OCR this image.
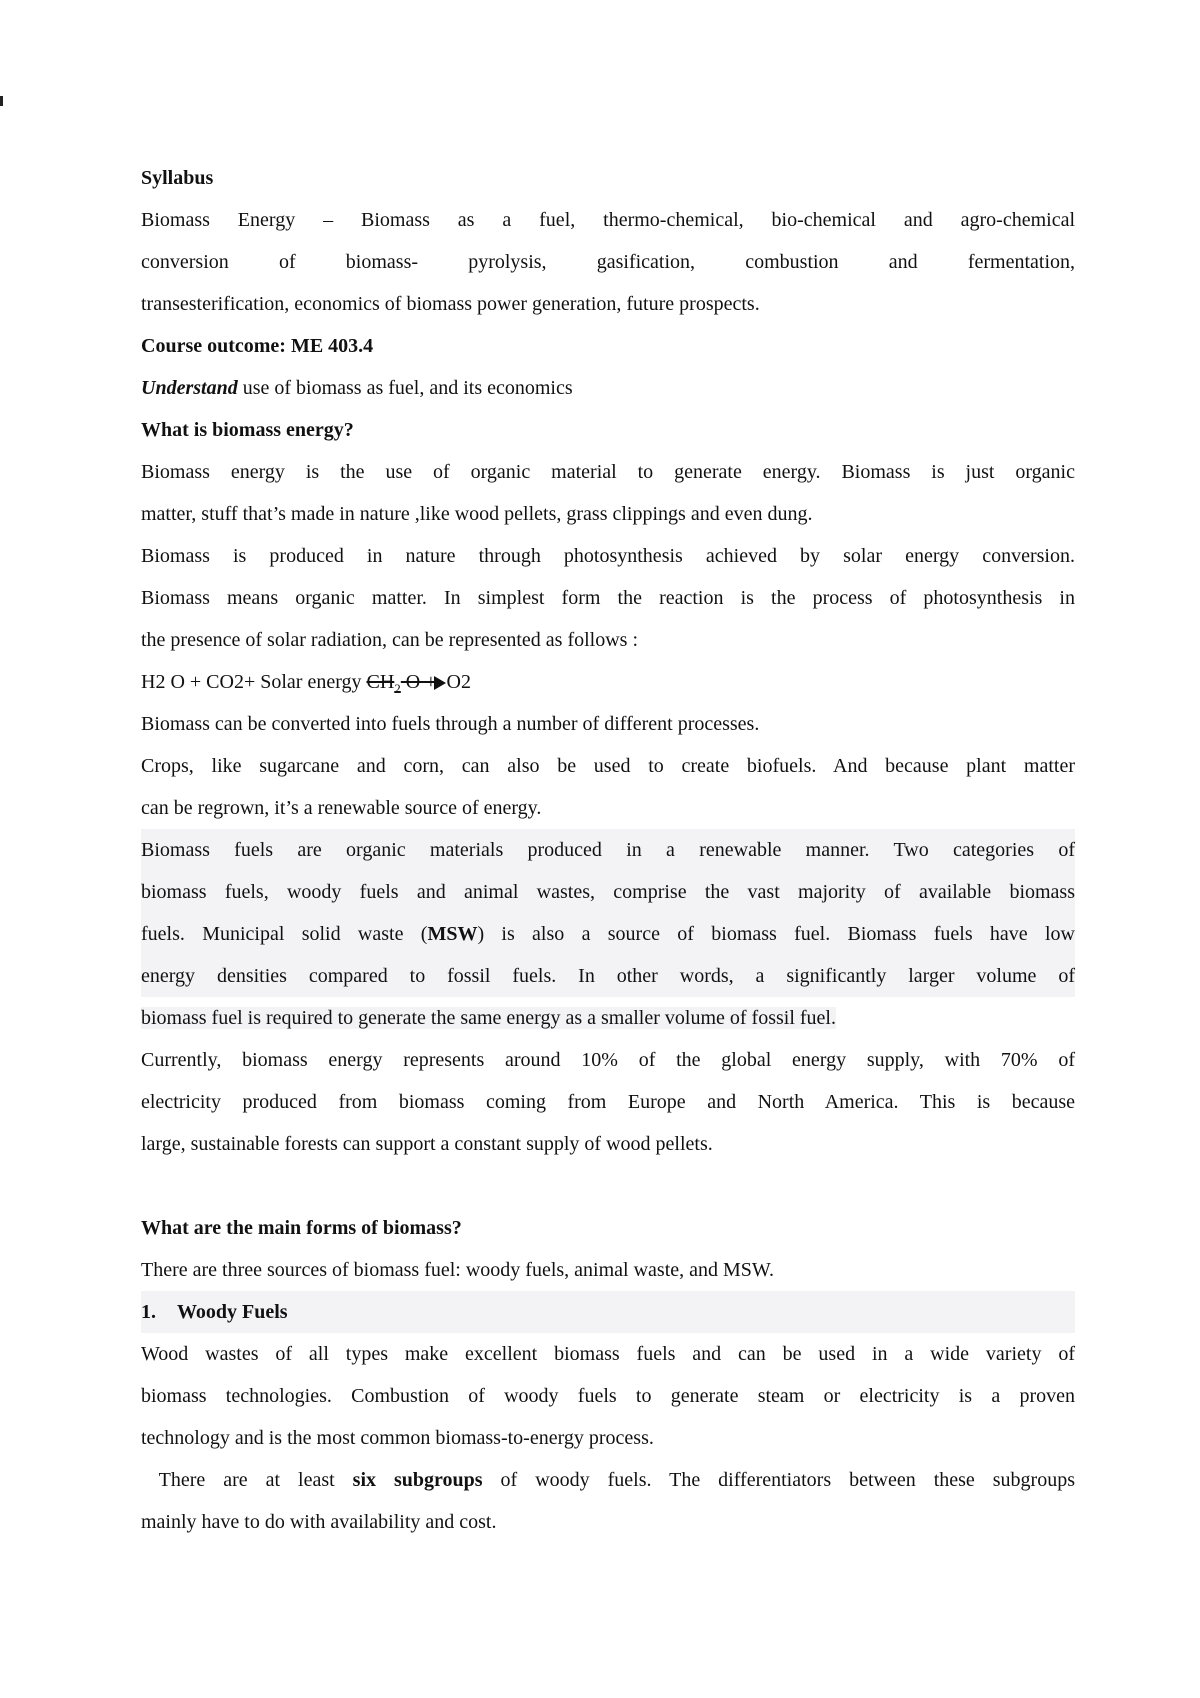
Syllabus
Biomass Energy – Biomass as a fuel, thermo-chemical, bio-chemical and agro-chemical
conversion of biomass- pyrolysis, gasification, combustion and fermentation,
transesterification, economics of biomass power generation, future prospects.
Course outcome: ME 403.4
Understand use of biomass as fuel, and its economics
What is biomass energy?
Biomass energy is the use of organic material to generate energy. Biomass is just organic
matter, stuff that’s made in nature ,like wood pellets, grass clippings and even dung.
Biomass is produced in nature through photosynthesis achieved by solar energy conversion.
Biomass means organic matter. In simplest form the reaction is the process of photosynthesis in
the presence of solar radiation, can be represented as follows :
H2 O + CO2+ Solar energy $CH_2$ O + O2
Biomass can be converted into fuels through a number of different processes.
Crops, like sugarcane and corn, can also be used to create biofuels. And because plant matter
can be regrown, it’s a renewable source of energy.
Biomass fuels are organic materials produced in a renewable manner. Two categories of
biomass fuels, woody fuels and animal wastes, comprise the vast majority of available biomass
fuels. Municipal solid waste (MSW) is also a source of biomass fuel. Biomass fuels have low
energy densities compared to fossil fuels. In other words, a significantly larger volume of
biomass fuel is required to generate the same energy as a smaller volume of fossil fuel.
Currently, biomass energy represents around 10% of the global energy supply, with 70% of
electricity produced from biomass coming from Europe and North America. This is because
large, sustainable forests can support a constant supply of wood pellets.
What are the main forms of biomass?
There are three sources of biomass fuel: woody fuels, animal waste, and MSW.
1. Woody Fuels
Wood wastes of all types make excellent biomass fuels and can be used in a wide variety of
biomass technologies. Combustion of woody fuels to generate steam or electricity is a proven
technology and is the most common biomass-to-energy process.
There are at least six subgroups of woody fuels. The differentiators between these subgroups
mainly have to do with availability and cost.
